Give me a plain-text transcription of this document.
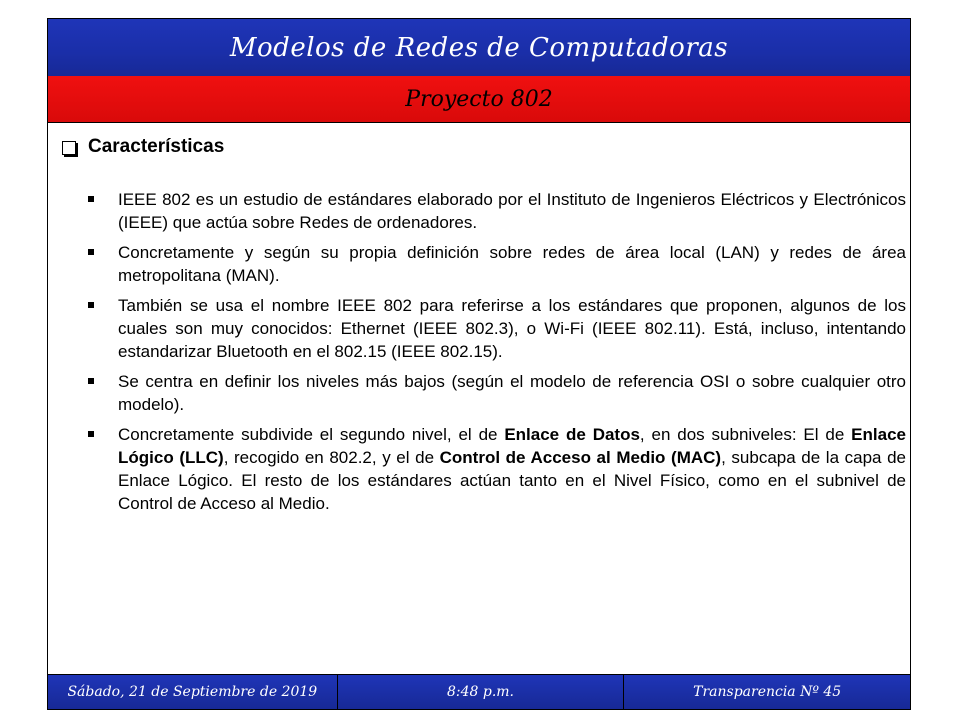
Modelos de Redes de Computadoras
Proyecto 802
Características
IEEE 802 es un estudio de estándares elaborado por el Instituto de Ingenieros Eléctricos y Electrónicos (IEEE) que actúa sobre Redes de ordenadores.
Concretamente y según su propia definición sobre redes de área local (LAN) y redes de área metropolitana (MAN).
También se usa el nombre IEEE 802 para referirse a los estándares que proponen, algunos de los cuales son muy conocidos: Ethernet (IEEE 802.3), o Wi-Fi (IEEE 802.11). Está, incluso, intentando estandarizar Bluetooth en el 802.15 (IEEE 802.15).
Se centra en definir los niveles más bajos (según el modelo de referencia OSI o sobre cualquier otro modelo).
Concretamente subdivide el segundo nivel, el de Enlace de Datos, en dos subniveles: El de Enlace Lógico (LLC), recogido en 802.2, y el de Control de Acceso al Medio (MAC), subcapa de la capa de Enlace Lógico. El resto de los estándares actúan tanto en el Nivel Físico, como en el subnivel de Control de Acceso al Medio.
Sábado, 21 de Septiembre de 2019	8:48 p.m.	Transparencia Nº 45
